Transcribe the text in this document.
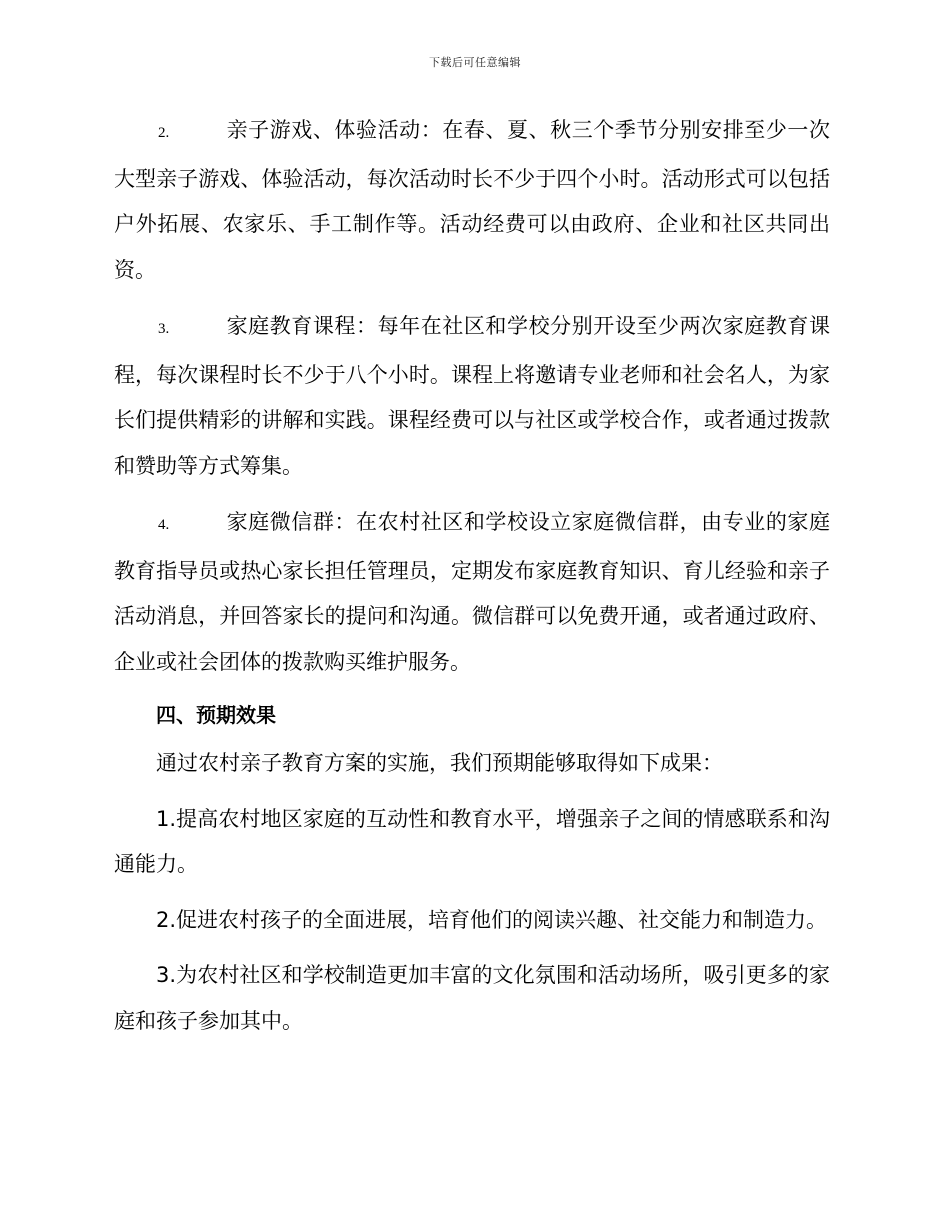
下载后可任意编辑

2.	亲子游戏、体验活动：在春、夏、秋三个季节分别安排至少一次大型亲子游戏、体验活动，每次活动时长不少于四个小时。活动形式可以包括户外拓展、农家乐、手工制作等。活动经费可以由政府、企业和社区共同出资。

3.	家庭教育课程：每年在社区和学校分别开设至少两次家庭教育课程，每次课程时长不少于八个小时。课程上将邀请专业老师和社会名人，为家长们提供精彩的讲解和实践。课程经费可以与社区或学校合作，或者通过拨款和赞助等方式筹集。

4.	家庭微信群：在农村社区和学校设立家庭微信群，由专业的家庭教育指导员或热心家长担任管理员，定期发布家庭教育知识、育儿经验和亲子活动消息，并回答家长的提问和沟通。微信群可以免费开通，或者通过政府、企业或社会团体的拨款购买维护服务。

四、预期效果

通过农村亲子教育方案的实施，我们预期能够取得如下成果：

1.提高农村地区家庭的互动性和教育水平，增强亲子之间的情感联系和沟通能力。

2.促进农村孩子的全面进展，培育他们的阅读兴趣、社交能力和制造力。

3.为农村社区和学校制造更加丰富的文化氛围和活动场所，吸引更多的家庭和孩子参加其中。
